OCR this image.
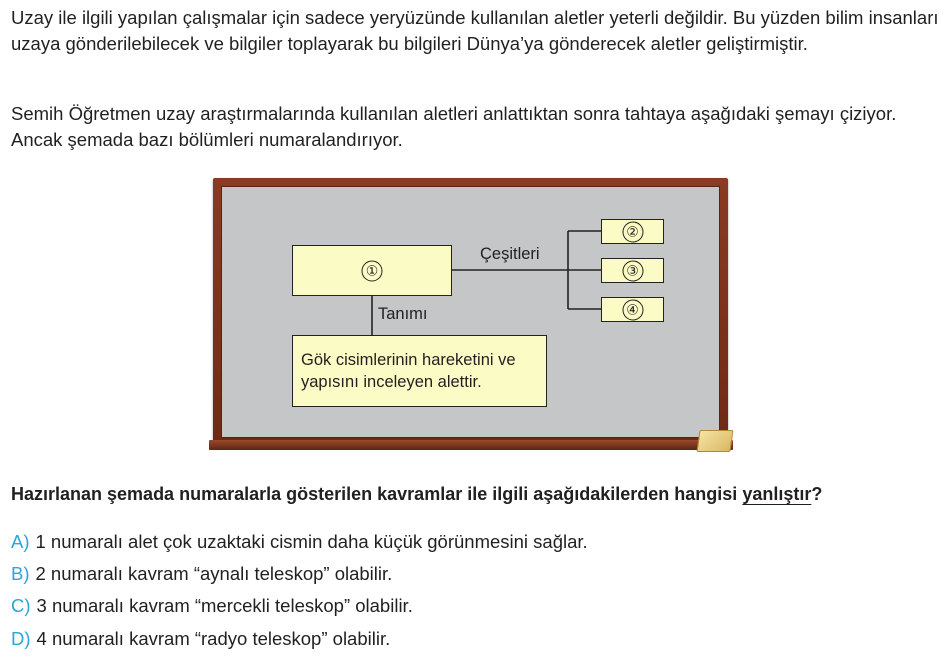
Uzay ile ilgili yapılan çalışmalar için sadece yeryüzünde kullanılan aletler yeterli değildir. Bu yüzden bilim insanları uzaya gönderilebilecek ve bilgiler toplayarak bu bilgileri Dünya’ya gönderecek aletler geliştirmiştir.

Semih Öğretmen uzay araştırmalarında kullanılan aletleri anlattıktan sonra tahtaya aşağıdaki şemayı çiziyor. Ancak şemada bazı bölümleri numaralandırıyor.

①
②
③
④
Çeşitleri
Tanımı
Gök cisimlerinin hareketini ve yapısını inceleyen alettir.
Hazırlanan şemada numaralarla gösterilen kavramlar ile ilgili aşağıdakilerden hangisi yanlıştır?
A) 1 numaralı alet çok uzaktaki cismin daha küçük görünmesini sağlar.
B) 2 numaralı kavram “aynalı teleskop” olabilir.
C) 3 numaralı kavram “mercekli teleskop” olabilir.
D) 4 numaralı kavram “radyo teleskop” olabilir.
